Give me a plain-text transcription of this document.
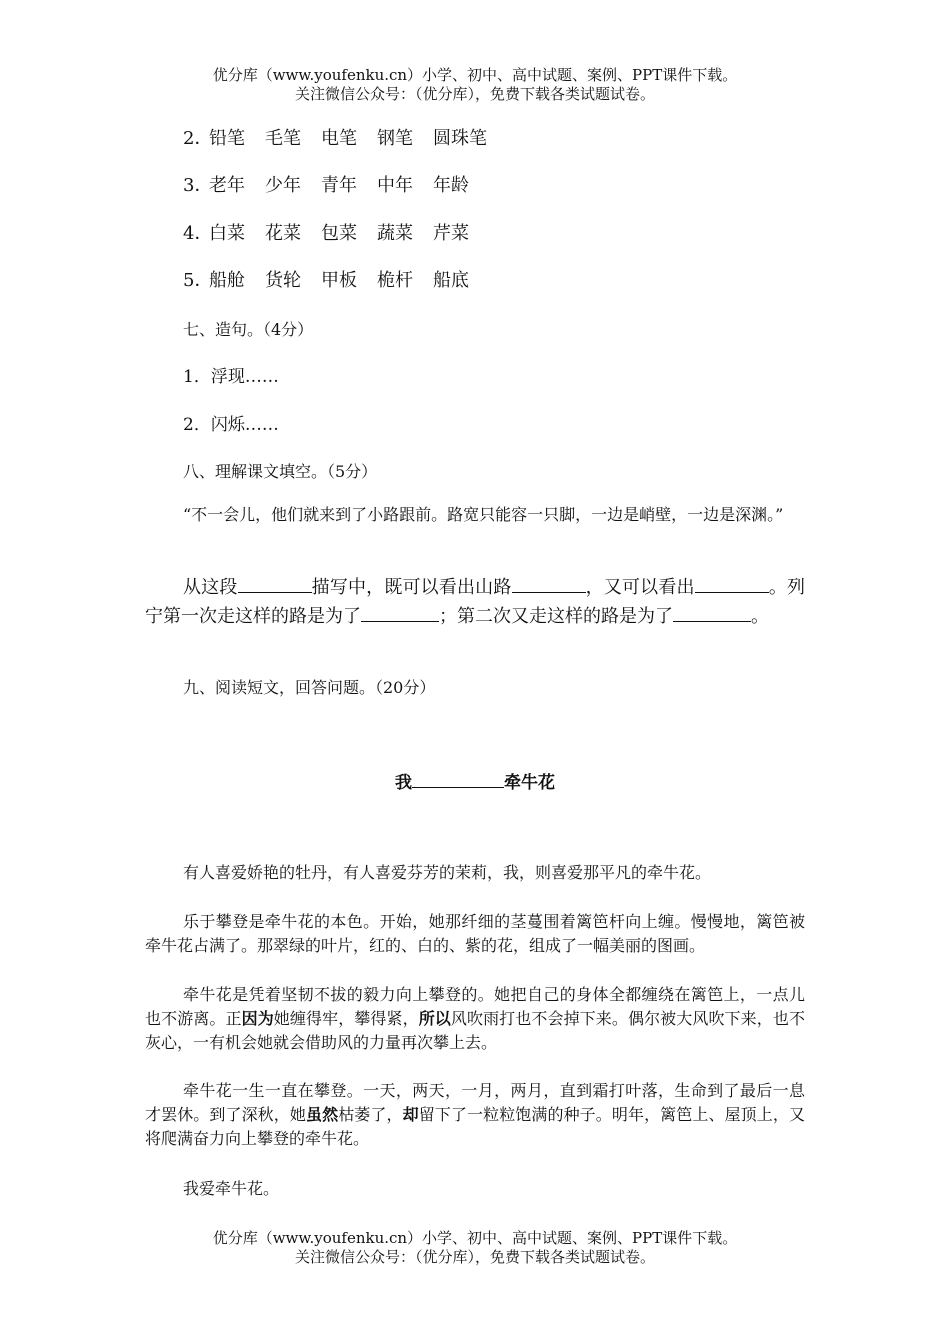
优分库（www.youfenku.cn）小学、初中、高中试题、案例、PPT课件下载。
关注微信公众号：（优分库），免费下载各类试题试卷。
2．铅笔 毛笔 电笔 钢笔 圆珠笔
3．老年 少年 青年 中年 年龄
4．白菜 花菜 包菜 蔬菜 芹菜
5．船舱 货轮 甲板 桅杆 船底
七、造句。（4分）
1．浮现……
2．闪烁……
八、理解课文填空。（5分）
“不一会儿，他们就来到了小路跟前。路宽只能容一只脚，一边是峭壁，一边是深渊。”
从这段	描写中，既可以看出山路	，又可以看出	。列宁第一次走这样的路是为了	；第二次又走这样的路是为了	。
九、阅读短文，回答问题。（20分）
我	牵牛花
有人喜爱娇艳的牡丹，有人喜爱芬芳的茉莉，我，则喜爱那平凡的牵牛花。
乐于攀登是牵牛花的本色。开始，她那纤细的茎蔓围着篱笆杆向上缠。慢慢地，篱笆被牵牛花占满了。那翠绿的叶片，红的、白的、紫的花，组成了一幅美丽的图画。
牵牛花是凭着坚韧不拔的毅力向上攀登的。她把自己的身体全都缠绕在篱笆上，一点儿也不游离。正因为她缠得牢，攀得紧，所以风吹雨打也不会掉下来。偶尔被大风吹下来，也不灰心，一有机会她就会借助风的力量再次攀上去。
牵牛花一生一直在攀登。一天，两天，一月，两月，直到霜打叶落，生命到了最后一息才罢休。到了深秋，她虽然枯萎了，却留下了一粒粒饱满的种子。明年，篱笆上、屋顶上，又将爬满奋力向上攀登的牵牛花。
我爱牵牛花。
优分库（www.youfenku.cn）小学、初中、高中试题、案例、PPT课件下载。
关注微信公众号：（优分库），免费下载各类试题试卷。
